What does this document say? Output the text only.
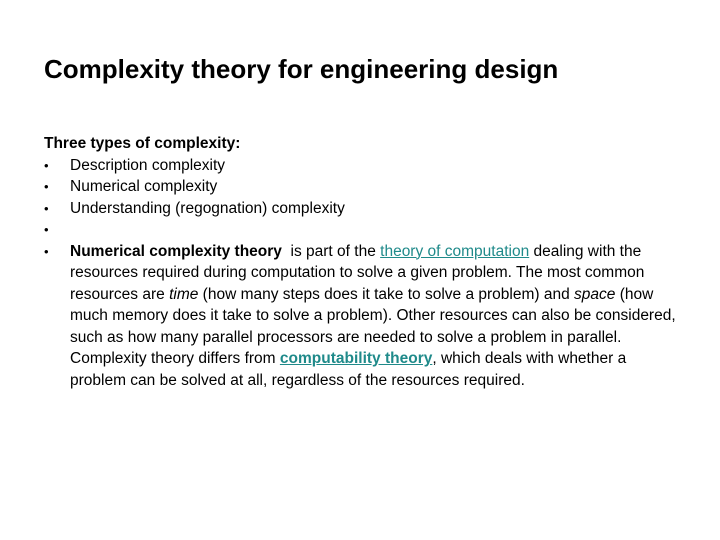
Complexity theory for engineering design

Three types of complexity:

•	Description complexity
•	Numerical complexity
•	Understanding (regognation) complexity
•
•	Numerical complexity theory  is part of the theory of computation dealing with the resources required during computation to solve a given problem. The most common resources are time (how many steps does it take to solve a problem) and space (how much memory does it take to solve a problem). Other resources can also be considered, such as how many parallel processors are needed to solve a problem in parallel. Complexity theory differs from computability theory, which deals with whether a problem can be solved at all, regardless of the resources required.
